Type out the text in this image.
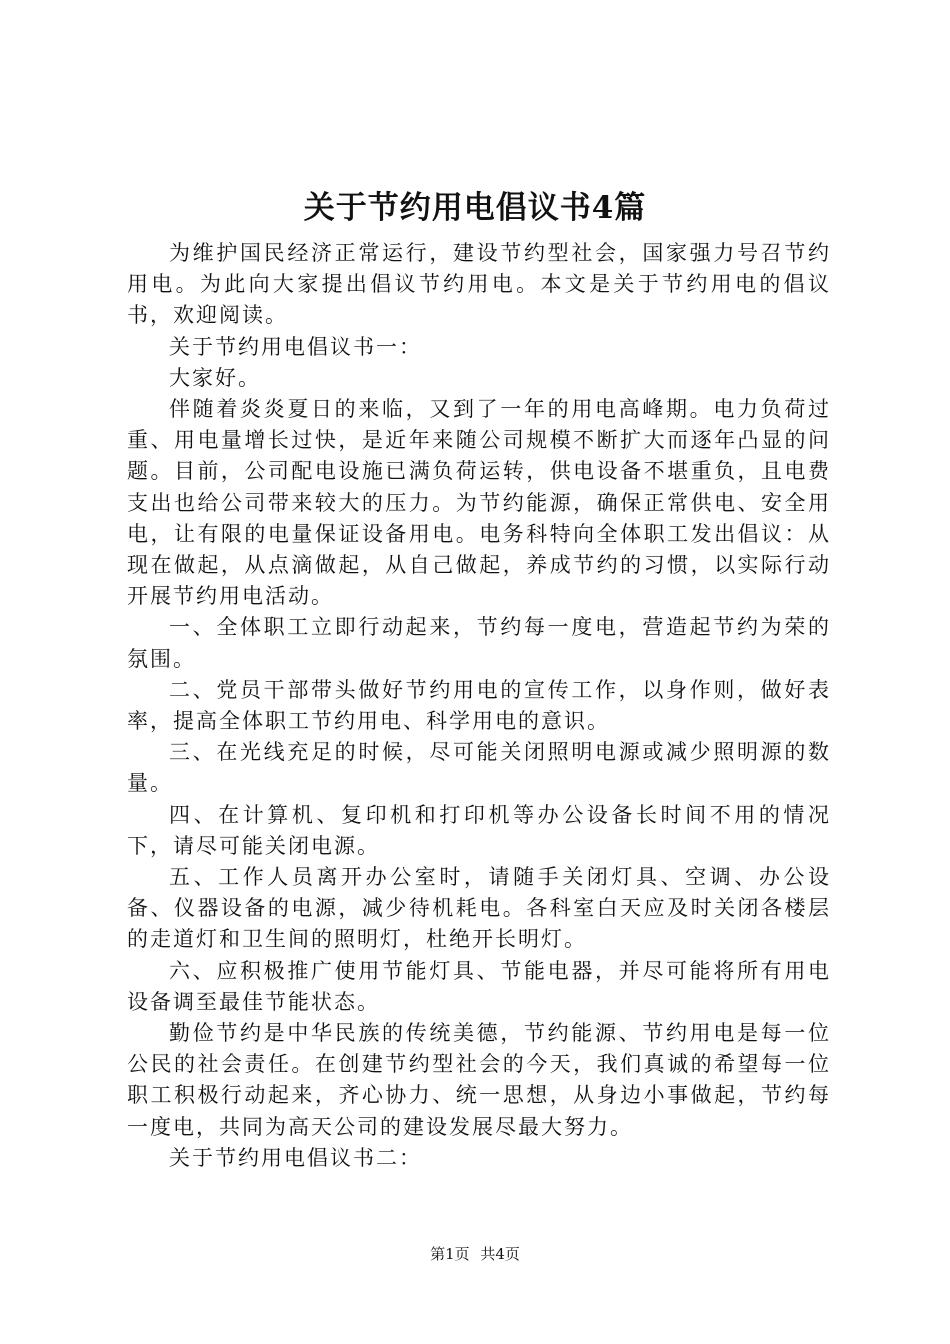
关于节约用电倡议书4篇

为维护国民经济正常运行，建设节约型社会，国家强力号召节约用电。为此向大家提出倡议节约用电。本文是关于节约用电的倡议书，欢迎阅读。

关于节约用电倡议书一：

大家好。

伴随着炎炎夏日的来临，又到了一年的用电高峰期。电力负荷过重、用电量增长过快，是近年来随公司规模不断扩大而逐年凸显的问题。目前，公司配电设施已满负荷运转，供电设备不堪重负，且电费支出也给公司带来较大的压力。为节约能源，确保正常供电、安全用电，让有限的电量保证设备用电。电务科特向全体职工发出倡议：从现在做起，从点滴做起，从自己做起，养成节约的习惯，以实际行动开展节约用电活动。

一、全体职工立即行动起来，节约每一度电，营造起节约为荣的氛围。

二、党员干部带头做好节约用电的宣传工作，以身作则，做好表率，提高全体职工节约用电、科学用电的意识。

三、在光线充足的时候，尽可能关闭照明电源或减少照明源的数量。

四、在计算机、复印机和打印机等办公设备长时间不用的情况下，请尽可能关闭电源。

五、工作人员离开办公室时，请随手关闭灯具、空调、办公设备、仪器设备的电源，减少待机耗电。各科室白天应及时关闭各楼层的走道灯和卫生间的照明灯，杜绝开长明灯。

六、应积极推广使用节能灯具、节能电器，并尽可能将所有用电设备调至最佳节能状态。

勤俭节约是中华民族的传统美德，节约能源、节约用电是每一位公民的社会责任。在创建节约型社会的今天，我们真诚的希望每一位职工积极行动起来，齐心协力、统一思想，从身边小事做起，节约每一度电，共同为高天公司的建设发展尽最大努力。

关于节约用电倡议书二：

第1页 共4页
